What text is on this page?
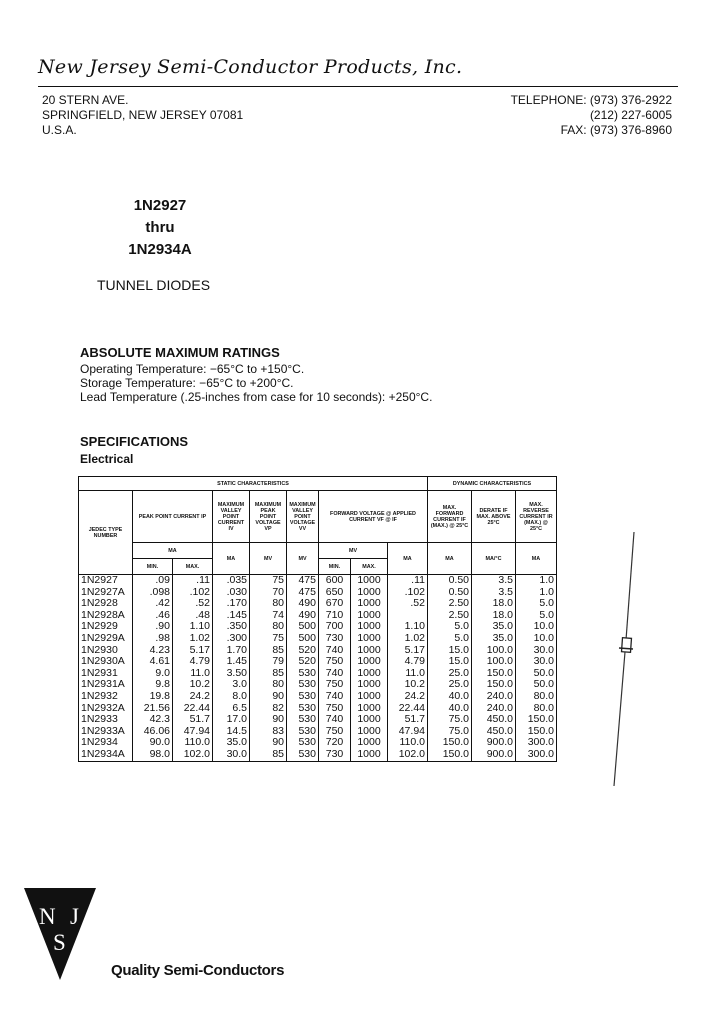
New Jersey Semi-Conductor Products, Inc.
20 STERN AVE.
SPRINGFIELD, NEW JERSEY 07081
U.S.A.
TELEPHONE: (973) 376-2922
(212) 227-6005
FAX: (973) 376-8960
1N2927
thru
1N2934A
TUNNEL DIODES
ABSOLUTE MAXIMUM RATINGS
Operating Temperature: −65°C to +150°C.
Storage Temperature: −65°C to +200°C.
Lead Temperature (.25-inches from case for 10 seconds): +250°C.
SPECIFICATIONS
Electrical
STATIC CHARACTERISTICS									DYNAMIC CHARACTERISTICS		
JEDEC TYPE NUMBER	PEAK POINT CURRENT IP		MAXIMUM VALLEY POINT CURRENT IV	MAXIMUM PEAK POINT VOLTAGE VP	MAXIMUM VALLEY POINT VOLTAGE VV	FORWARD VOLTAGE @ APPLIED CURRENT VF @ IF			MAX. FORWARD CURRENT IF (MAX.) @ 25°C	DERATE IF MAX. ABOVE 25°C	MAX. REVERSE CURRENT IR (MAX.) @ 25°C
	MA		MA	MV	MV	MV		MA	MA	ΜA/°C	MA
	MIN.	MAX.				MIN.	MAX.				
1N2927	.09	.11	.035	75	475	600	1000	.11	0.50	3.5	1.0
1N2927A	.098	.102	.030	70	475	650	1000	.102	0.50	3.5	1.0
1N2928	.42	.52	.170	80	490	670	1000	.52	2.50	18.0	5.0
1N2928A	.46	.48	.145	74	490	710	1000		2.50	18.0	5.0
1N2929	.90	1.10	.350	80	500	700	1000	1.10	5.0	35.0	10.0
1N2929A	.98	1.02	.300	75	500	730	1000	1.02	5.0	35.0	10.0
1N2930	4.23	5.17	1.70	85	520	740	1000	5.17	15.0	100.0	30.0
1N2930A	4.61	4.79	1.45	79	520	750	1000	4.79	15.0	100.0	30.0
1N2931	9.0	11.0	3.50	85	530	740	1000	11.0	25.0	150.0	50.0
1N2931A	9.8	10.2	3.0	80	530	750	1000	10.2	25.0	150.0	50.0
1N2932	19.8	24.2	8.0	90	530	740	1000	24.2	40.0	240.0	80.0
1N2932A	21.56	22.44	6.5	82	530	750	1000	22.44	40.0	240.0	80.0
1N2933	42.3	51.7	17.0	90	530	740	1000	51.7	75.0	450.0	150.0
1N2933A	46.06	47.94	14.5	83	530	750	1000	47.94	75.0	450.0	150.0
1N2934	90.0	110.0	35.0	90	530	720	1000	110.0	150.0	900.0	300.0
1N2934A	98.0	102.0	30.0	85	530	730	1000	102.0	150.0	900.0	300.0
N
S
J
Quality Semi-Conductors
